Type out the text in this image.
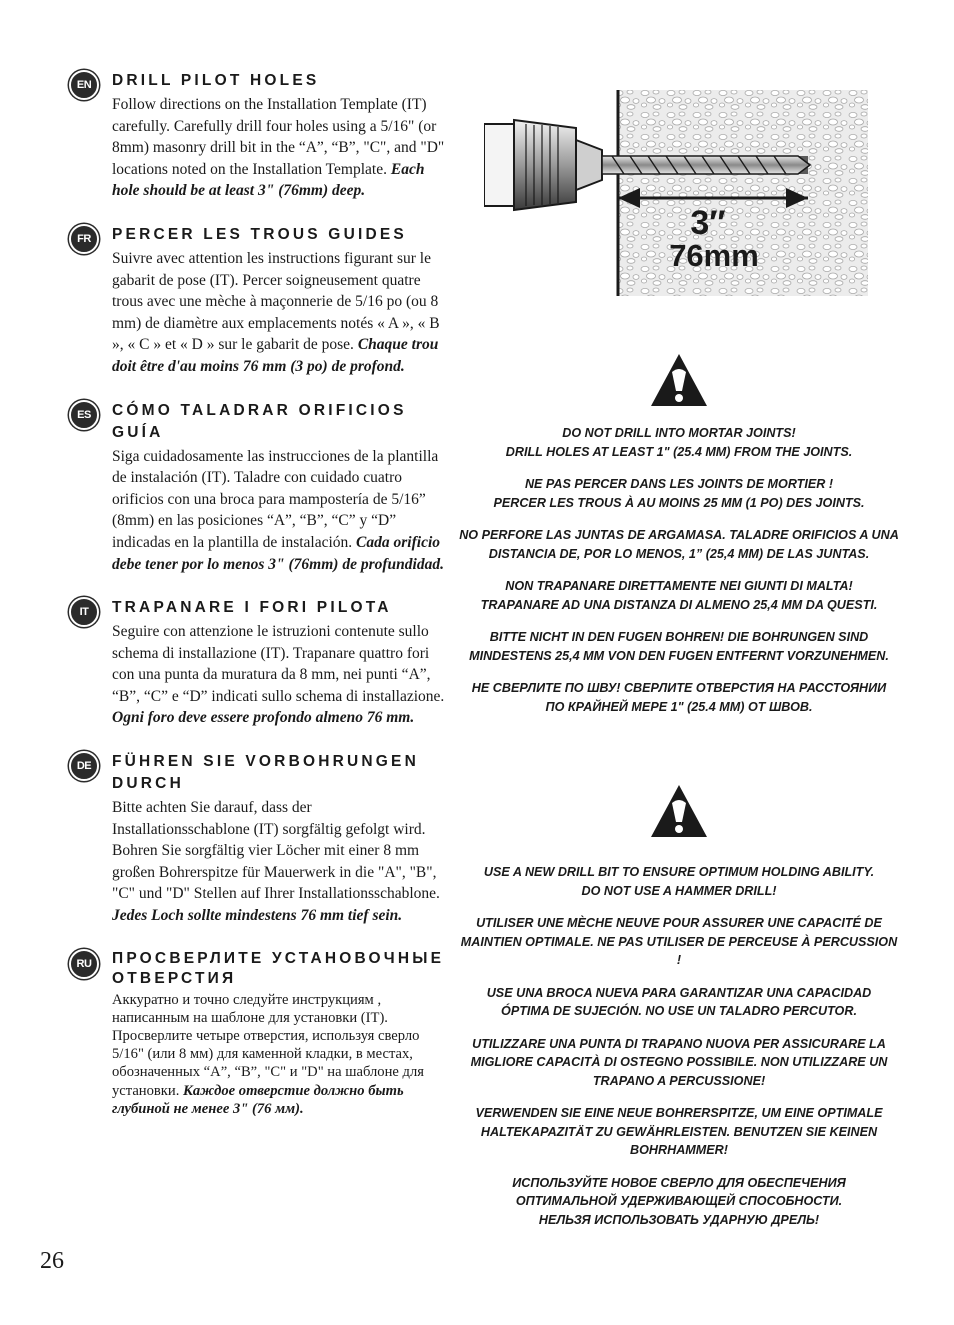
EN	DRILL PILOT HOLES

Follow directions on the Installation Template (IT) carefully. Carefully drill four holes using a 5/16" (or 8mm) masonry drill bit in the “A”, “B”, "C", and "D" locations noted on the Installation Template. Each hole should be at least 3" (76mm) deep.

FR	PERCER LES TROUS GUIDES

Suivre avec attention les instructions figurant sur le gabarit de pose (IT). Percer soigneusement quatre trous avec une mèche à maçonnerie de 5/16 po (ou 8 mm) de diamètre aux emplacements notés « A », « B », « C » et « D » sur le gabarit de pose. Chaque trou doit être d'au moins 76 mm (3 po) de profond.

ES	CÓMO TALADRAR ORIFICIOS GUÍA

Siga cuidadosamente las instrucciones de la plantilla de instalación (IT). Taladre con cuidado cuatro orificios con una broca para mampostería de 5/16” (8mm) en las posiciones “A”, “B”, “C” y “D” indicadas en la plantilla de instalación. Cada orificio debe tener por lo menos 3" (76mm) de profundidad.

IT	TRAPANARE I FORI PILOTA

Seguire con attenzione le istruzioni contenute sullo schema di installazione (IT). Trapanare quattro fori con una punta da muratura da 8 mm, nei punti “A”, “B”, “C” e “D” indicati sullo schema di installazione. Ogni foro deve essere profondo almeno 76 mm.

DE	FÜHREN SIE VORBOHRUNGEN DURCH

Bitte achten Sie darauf, dass der Installationsschablone (IT) sorgfältig gefolgt wird. Bohren Sie sorgfältig vier Löcher mit einer 8 mm großen Bohrerspitze für Mauerwerk in die "A", "B", "C" und "D" Stellen auf Ihrer Installationsschablone. Jedes Loch sollte mindestens 76 mm tief sein.

RU	ПРОСВЕРЛИТЕ УСТАНОВОЧНЫЕ ОТВЕРСТИЯ

Аккуратно и точно следуйте инструкциям , написанным на шаблоне для установки (IT). Просверлите четыре отверстия, используя сверло 5/16" (или 8 мм) для каменной кладки, в местах, обозначенных “A”, “B”, "C" и "D" на шаблоне для установки. Каждое отверстие должно быть глубиной не менее 3" (76 мм).

3″
76mm

DO NOT DRILL INTO MORTAR JOINTS!
DRILL HOLES AT LEAST 1" (25.4 MM) FROM THE JOINTS.

NE PAS PERCER DANS LES JOINTS DE MORTIER !
PERCER LES TROUS À AU MOINS 25 MM (1 PO) DES JOINTS.

NO PERFORE LAS JUNTAS DE ARGAMASA. TALADRE ORIFICIOS A UNA
DISTANCIA DE, POR LO MENOS, 1” (25,4 MM) DE LAS JUNTAS.

NON TRAPANARE DIRETTAMENTE NEI GIUNTI DI MALTA!
TRAPANARE AD UNA DISTANZA DI ALMENO 25,4 MM DA QUESTI.

BITTE NICHT IN DEN FUGEN BOHREN! DIE BOHRUNGEN SIND
MINDESTENS 25,4 MM VON DEN FUGEN ENTFERNT VORZUNEHMEN.

НЕ СВЕРЛИТЕ ПО ШВУ! СВЕРЛИТЕ ОТВЕРСТИЯ НА РАССТОЯНИИ
ПО КРАЙНЕЙ МЕРЕ 1" (25.4 ММ) ОТ ШВОВ.

USE A NEW DRILL BIT TO ENSURE OPTIMUM HOLDING ABILITY.
DO NOT USE A HAMMER DRILL!

UTILISER UNE MÈCHE NEUVE POUR ASSURER UNE CAPACITÉ DE
MAINTIEN OPTIMALE. NE PAS UTILISER DE PERCEUSE À PERCUSSION !

USE UNA BROCA NUEVA PARA GARANTIZAR UNA CAPACIDAD
ÓPTIMA DE SUJECIÓN. NO USE UN TALADRO PERCUTOR.

UTILIZZARE UNA PUNTA DI TRAPANO NUOVA PER ASSICURARE LA
MIGLIORE CAPACITÀ DI OSTEGNO POSSIBILE. NON UTILIZZARE UN
TRAPANO A PERCUSSIONE!

VERWENDEN SIE EINE NEUE BOHRERSPITZE, UM EINE OPTIMALE
HALTEKAPAZITÄT ZU GEWÄHRLEISTEN. BENUTZEN SIE KEINEN
BOHRHAMMER!

ИСПОЛЬЗУЙТЕ НОВОЕ СВЕРЛО ДЛЯ ОБЕСПЕЧЕНИЯ
ОПТИМАЛЬНОЙ УДЕРЖИВАЮЩЕЙ СПОСОБНОСТИ.
НЕЛЬЗЯ ИСПОЛЬЗОВАТЬ УДАРНУЮ ДРЕЛЬ!

26
